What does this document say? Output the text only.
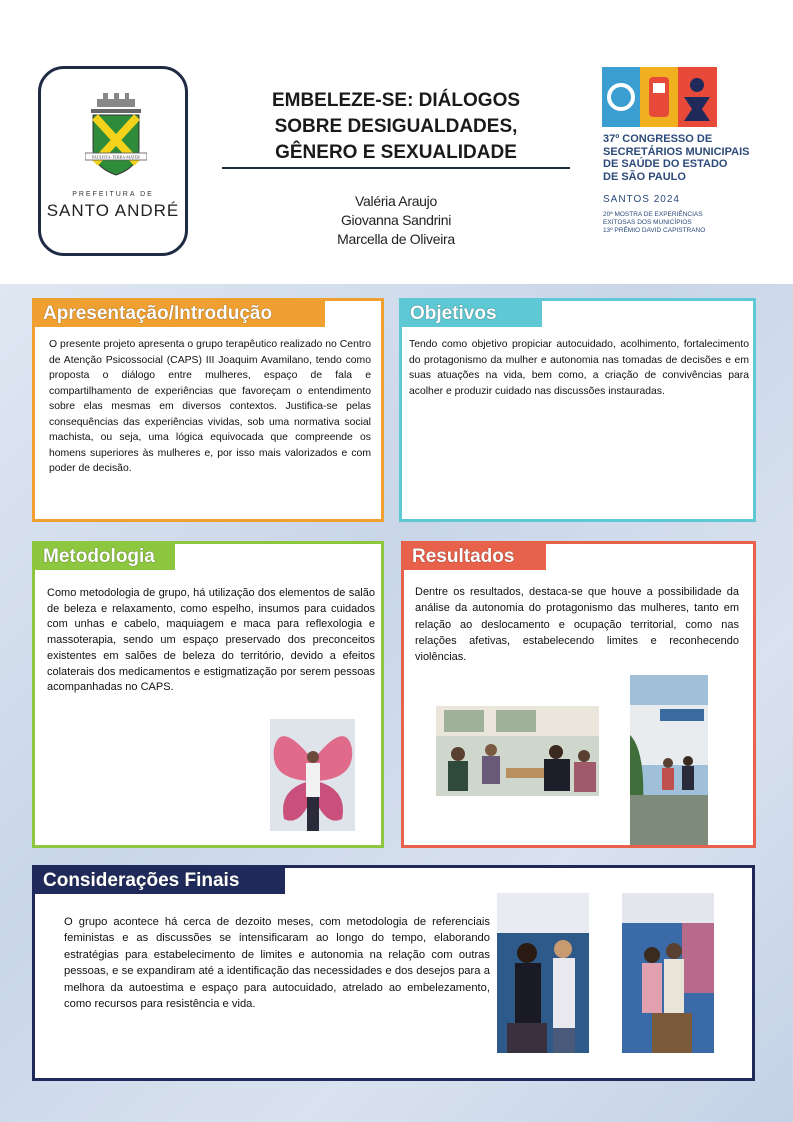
PAULISTA-TERRA-MATER
PREFEITURA DE
SANTO ANDRÉ
EMBELEZE-SE: DIÁLOGOS
SOBRE DESIGUALDADES,
GÊNERO E SEXUALIDADE
Valéria Araujo
Giovanna Sandrini
Marcella de Oliveira
37º CONGRESSO DE
SECRETÁRIOS MUNICIPAIS
DE SAÚDE DO ESTADO
DE SÃO PAULO
SANTOS 2024
20ª MOSTRA DE EXPERIÊNCIAS
EXITOSAS DOS MUNICÍPIOS
13º PRÊMIO DAVID CAPISTRANO
Apresentação/Introdução
O presente projeto apresenta o grupo terapêutico realizado no Centro de Atenção Psicossocial (CAPS) III Joaquim Avamilano, tendo como proposta o diálogo entre mulheres, espaço de fala e compartilhamento de experiências que favoreçam o entendimento sobre elas mesmas em diversos contextos. Justifica-se pelas consequências das experiências vividas, sob uma normativa social machista, ou seja, uma lógica equivocada que compreende os homens superiores às mulheres e, por isso mais valorizados e com poder de decisão.
Objetivos
Tendo como objetivo propiciar autocuidado, acolhimento, fortalecimento do protagonismo da mulher e autonomia nas tomadas de decisões e em suas atuações na vida, bem como, a criação de convivências para acolher e produzir cuidado nas discussões instauradas.
Metodologia
Como metodologia de grupo, há utilização dos elementos de salão de beleza e relaxamento, como espelho, insumos para cuidados com unhas e cabelo, maquiagem e maca para reflexologia e massoterapia, sendo um espaço preservado dos preconceitos existentes em salões de beleza do território, devido a efeitos colaterais dos medicamentos e estigmatização por serem pessoas acompanhadas no CAPS.
Resultados
Dentre os resultados, destaca-se que houve a possibilidade da análise da autonomia do protagonismo das mulheres, tanto em relação ao deslocamento e ocupação territorial, como nas relações afetivas, estabelecendo limites e reconhecendo violências.
Considerações Finais
O grupo acontece há cerca de dezoito meses, com metodologia de referenciais feministas e as discussões se intensificaram ao longo do tempo, elaborando estratégias para estabelecimento de limites e autonomia na relação com outras pessoas, e se expandiram até a identificação das necessidades e dos desejos para a melhora da autoestima e espaço para autocuidado, atrelado ao embelezamento, como recursos para resistência e vida.
